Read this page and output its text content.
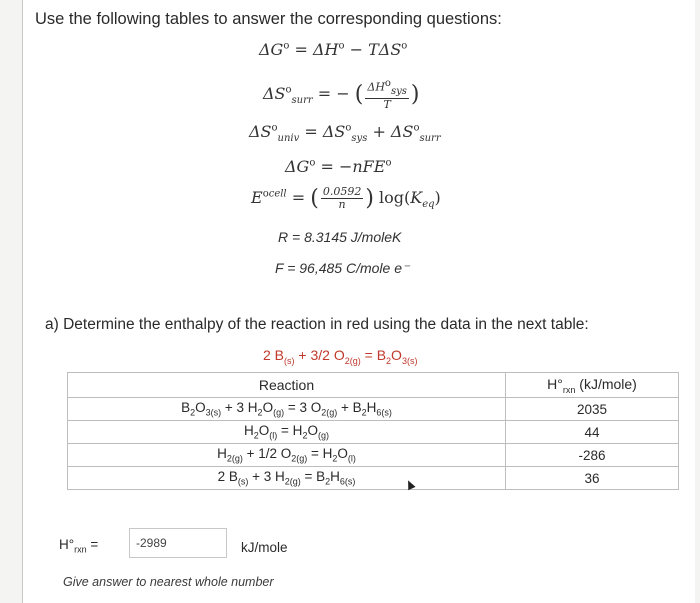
Use the following tables to answer the corresponding questions:
$\Delta G^o = \Delta H^o - T\Delta S^o$
$\Delta S^o_{surr}$ = − ( $\frac{\Delta H^o_{sys}}{T}$ )
$\Delta S^o_{univ} = \Delta S^o_{sys} + \Delta S^o_{surr}$
$\Delta G^o = -nFE^o$
$E^{ocell}$ = ( $\frac{0.0592}{n}$ ) $\log(K_{eq})$
R = 8.3145 J/moleK
F = 96,485 C/mole e⁻
a) Determine the enthalpy of the reaction in red using the data in the next table:
2 $B_{(s)} + 3/2$ $O_{2(g)} = B_2O_{3(s)}$
Reaction	$H^\circ_{rxn}$ (kJ/mole)
$B_2O_{3(s)} + 3$ $H_2O_{(g)} = 3$ $O_{2(g)} + B_2H_{6(s)}$	2035
$H_2O_{(l)} = H_2O_{(g)}$	44
$H_{2(g)} + 1/2$ $O_{2(g)} = H_2O_{(l)}$	-286
2 $B_{(s)} + 3$ $H_{2(g)} = B_2H_{6(s)}$	36
$H^\circ_{rxn}$ =
-2989	kJ/mole
Give answer to nearest whole number
